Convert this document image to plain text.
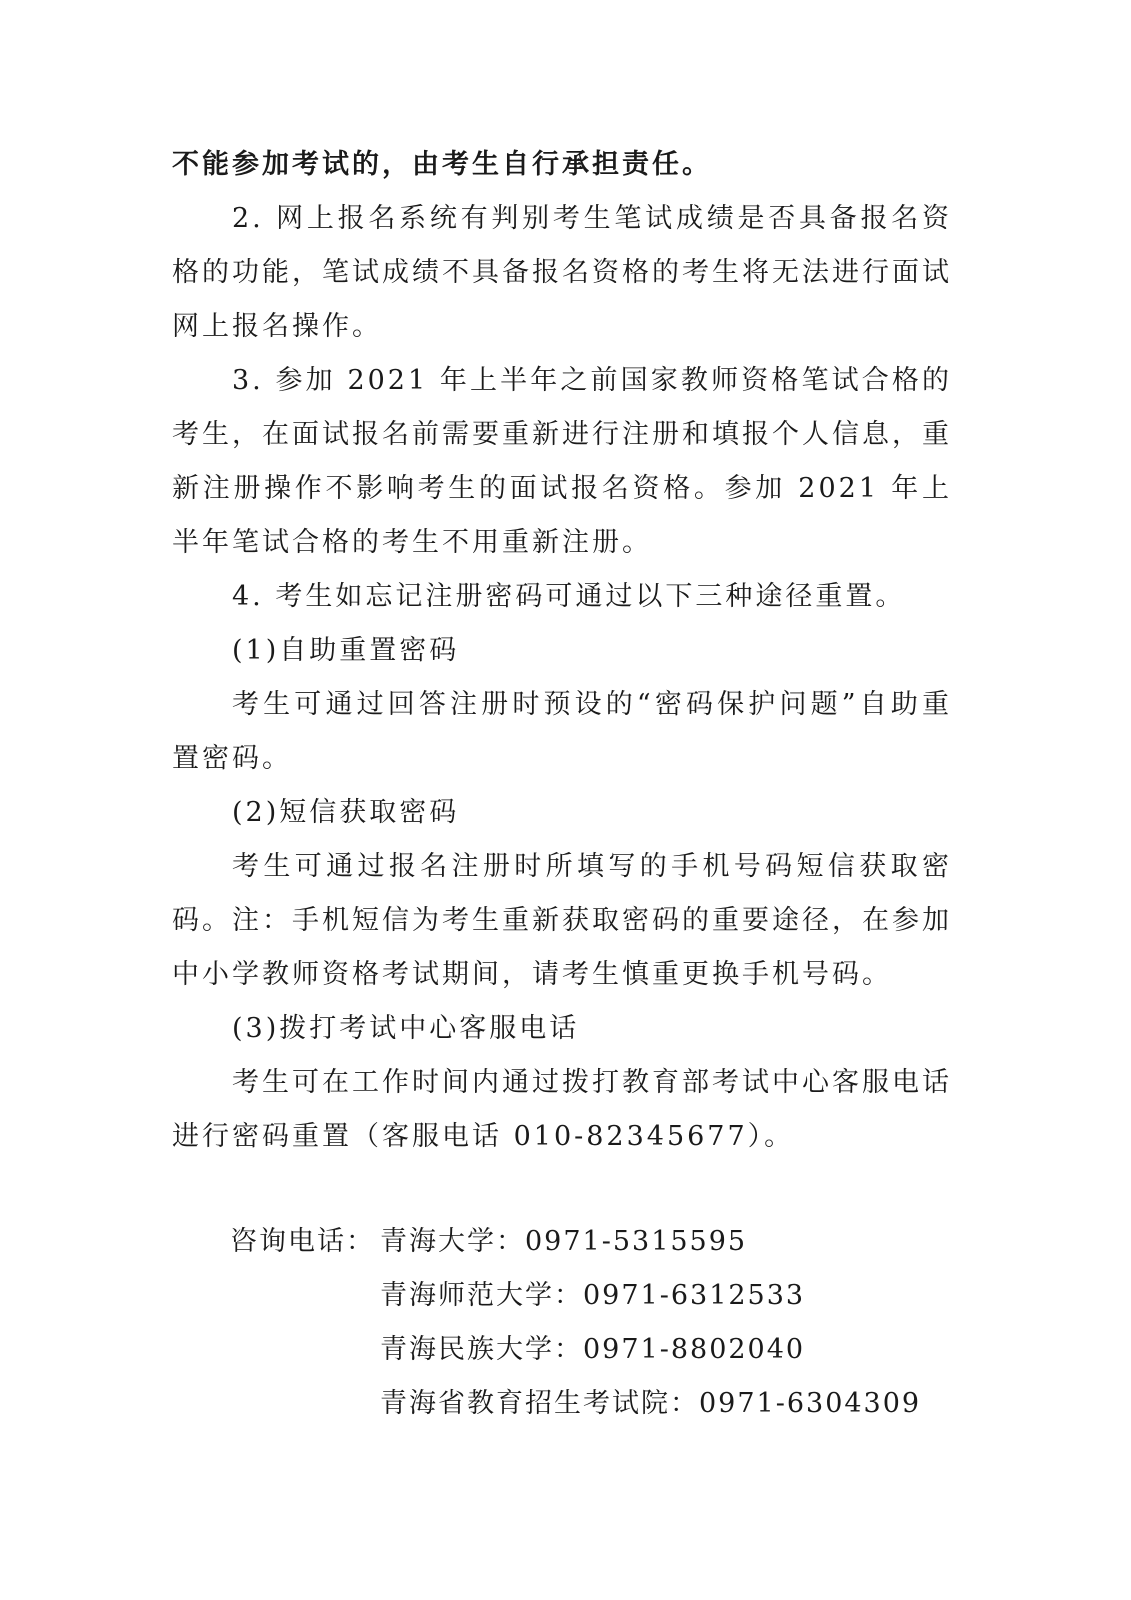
不能参加考试的，由考生自行承担责任。

2. 网上报名系统有判别考生笔试成绩是否具备报名资格的功能，笔试成绩不具备报名资格的考生将无法进行面试网上报名操作。

3. 参加 2021 年上半年之前国家教师资格笔试合格的考生，在面试报名前需要重新进行注册和填报个人信息，重新注册操作不影响考生的面试报名资格。参加 2021 年上半年笔试合格的考生不用重新注册。

4. 考生如忘记注册密码可通过以下三种途径重置。

(1)自助重置密码

考生可通过回答注册时预设的“密码保护问题”自助重置密码。

(2)短信获取密码

考生可通过报名注册时所填写的手机号码短信获取密码。注：手机短信为考生重新获取密码的重要途径，在参加中小学教师资格考试期间，请考生慎重更换手机号码。

(3)拨打考试中心客服电话

考生可在工作时间内通过拨打教育部考试中心客服电话进行密码重置（客服电话 010-82345677）。

咨询电话： 青海大学 ： 0971-5315595
青海师范大学 ： 0971-6312533
青海民族大学 ： 0971-8802040
青海省教育招生考试院 ： 0971-6304309
